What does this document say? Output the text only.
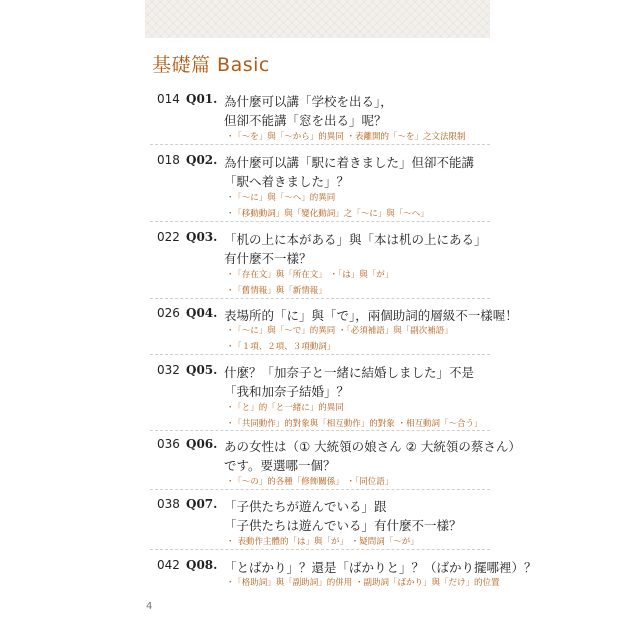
基礎篇 Basic
014 Q01. 為什麼可以講「学校を出る」，
但卻不能講「窓を出る」呢？
・ 「～を」與「～から」的異同 ・表離開的「～を」之文法限制
018 Q02. 為什麼可以講「駅に着きました」但卻不能講
「駅へ着きました」？
・ 「～に」與「～へ」的異同
・ 「移動動詞」與「變化動詞」之「～に」與「～へ」
022 Q03. 「机の上に本がある」與「本は机の上にある」
有什麼不一樣？
・ 「存在文」與「所在文」 ・「は」與「が」
・ 「舊情報」與「新情報」
026 Q04. 表場所的「に」與「で」，兩個助詞的層級不一樣喔！
・ 「～に」與「～で」的異同 ・「必須補語」與「副次補語」
・ 「１項、２項、３項動詞」
032 Q05. 什麼？「加奈子と一緒に結婚しました」不是
「我和加奈子結婚」？
・ 「と」的「と一緒に」的異同
・ 「共同動作」的對象與「相互動作」的對象 ・相互動詞「～合う」
036 Q06. あの女性は（① 大統領の娘さん ② 大統領の蔡さん）
です。要選哪一個？
・ 「～の」的各種「修飾關係」 ・「同位語」
038 Q07. 「子供たちが遊んでいる」跟
「子供たちは遊んでいる」有什麼不一樣？
・ 表動作主體的「は」與「が」 ・疑問詞「～が」
042 Q08. 「とばかり」？還是「ばかりと」？（ばかり擺哪裡）？
・ 「格助詞」與「副助詞」的併用 ・副助詞「ばかり」與「だけ」的位置
4
